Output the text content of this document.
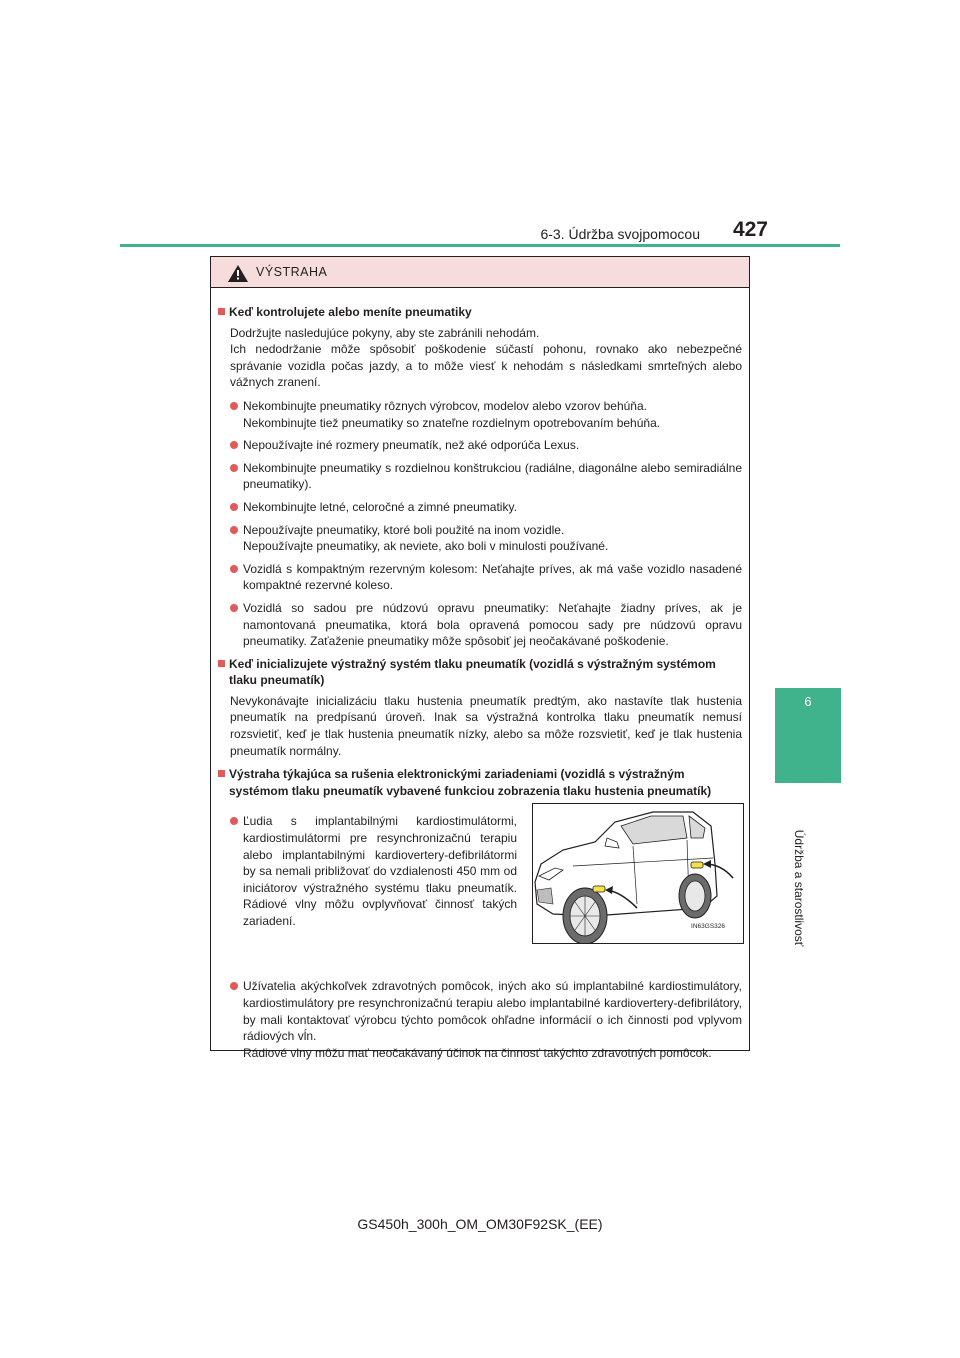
6-3. Údržba svojpomocou	427
6
Údržba a starostlivosť
VÝSTRAHA
Keď kontrolujete alebo meníte pneumatiky
Dodržujte nasledujúce pokyny, aby ste zabránili nehodám.
Ich nedodržanie môže spôsobiť poškodenie súčastí pohonu, rovnako ako nebezpečné správanie vozidla počas jazdy, a to môže viesť k nehodám s následkami smrteľných alebo vážnych zranení.
Nekombinujte pneumatiky rôznych výrobcov, modelov alebo vzorov behúňa.
Nekombinujte tiež pneumatiky so znateľne rozdielnym opotrebovaním behúňa.
Nepoužívajte iné rozmery pneumatík, než aké odporúča Lexus.
Nekombinujte pneumatiky s rozdielnou konštrukciou (radiálne, diagonálne alebo semiradiálne pneumatiky).
Nekombinujte letné, celoročné a zimné pneumatiky.
Nepoužívajte pneumatiky, ktoré boli použité na inom vozidle.
Nepoužívajte pneumatiky, ak neviete, ako boli v minulosti používané.
Vozidlá s kompaktným rezervným kolesom: Neťahajte príves, ak má vaše vozidlo nasadené kompaktné rezervné koleso.
Vozidlá so sadou pre núdzovú opravu pneumatiky: Neťahajte žiadny príves, ak je namontovaná pneumatika, ktorá bola opravená pomocou sady pre núdzovú opravu pneumatiky. Zaťaženie pneumatiky môže spôsobiť jej neočakávané poškodenie.
Keď inicializujete výstražný systém tlaku pneumatík (vozidlá s výstražným systémom tlaku pneumatík)
Nevykonávajte inicializáciu tlaku hustenia pneumatík predtým, ako nastavíte tlak hustenia pneumatík na predpísanú úroveň. Inak sa výstražná kontrolka tlaku pneumatík nemusí rozsvietiť, keď je tlak hustenia pneumatík nízky, alebo sa môže rozsvietiť, keď je tlak hustenia pneumatík normálny.
Výstraha týkajúca sa rušenia elektronickými zariadeniami (vozidlá s výstražným systémom tlaku pneumatík vybavené funkciou zobrazenia tlaku hustenia pneumatík)
Ľudia s implantabilnými kardiostimulátormi, kardiostimulátormi pre resynchronizačnú terapiu alebo implantabilnými kardiovertery-defibrilátormi by sa nemali približovať do vzdialenosti 450 mm od iniciátorov výstražného systému tlaku pneumatík. Rádiové vlny môžu ovplyvňovať činnosť takých zariadení.	IN63GS326
Užívatelia akýchkoľvek zdravotných pomôcok, iných ako sú implantabilné kardiostimulátory, kardiostimulátory pre resynchronizačnú terapiu alebo implantabilné kardiovertery-defibrilátory, by mali kontaktovať výrobcu týchto pomôcok ohľadne informácií o ich činnosti pod vplyvom rádiových vĺn.
Rádiové vlny môžu mať neočakávaný účinok na činnosť takýchto zdravotných pomôcok.
GS450h_300h_OM_OM30F92SK_(EE)
